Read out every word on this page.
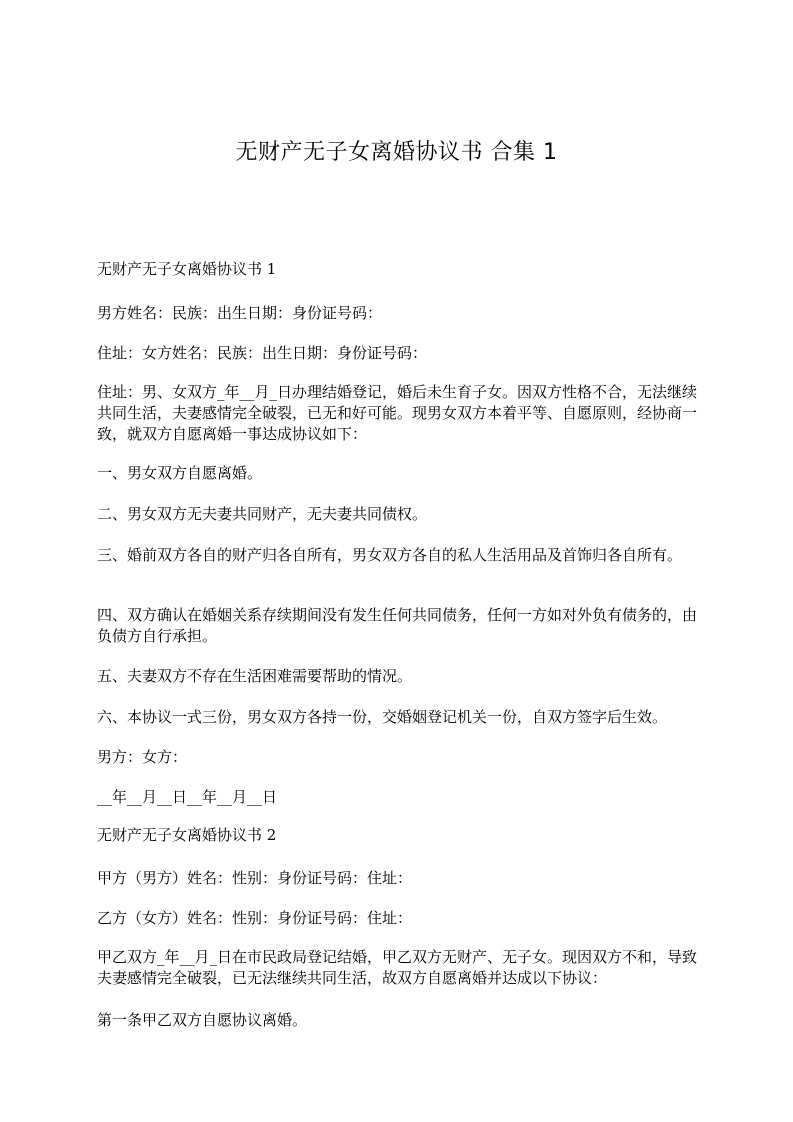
无财产无子女离婚协议书 合集 1

无财产无子女离婚协议书 1

男方姓名：民族：出生日期：身份证号码：

住址：女方姓名：民族：出生日期：身份证号码：

住址：男、女双方_年__月_日办理结婚登记，婚后未生育子女。因双方性格不合，无法继续共同生活，夫妻感情完全破裂，已无和好可能。现男女双方本着平等、自愿原则，经协商一致，就双方自愿离婚一事达成协议如下：

一、男女双方自愿离婚。

二、男女双方无夫妻共同财产，无夫妻共同债权。

三、婚前双方各自的财产归各自所有，男女双方各自的私人生活用品及首饰归各自所有。

四、双方确认在婚姻关系存续期间没有发生任何共同债务，任何一方如对外负有债务的，由负债方自行承担。

五、夫妻双方不存在生活困难需要帮助的情况。

六、本协议一式三份，男女双方各持一份，交婚姻登记机关一份，自双方签字后生效。

男方：女方：

__年__月__日__年__月__日

无财产无子女离婚协议书 2

甲方（男方）姓名：性别：身份证号码：住址：

乙方（女方）姓名：性别：身份证号码：住址：

甲乙双方_年__月_日在市民政局登记结婚，甲乙双方无财产、无子女。现因双方不和，导致夫妻感情完全破裂，已无法继续共同生活，故双方自愿离婚并达成以下协议：

第一条甲乙双方自愿协议离婚。
